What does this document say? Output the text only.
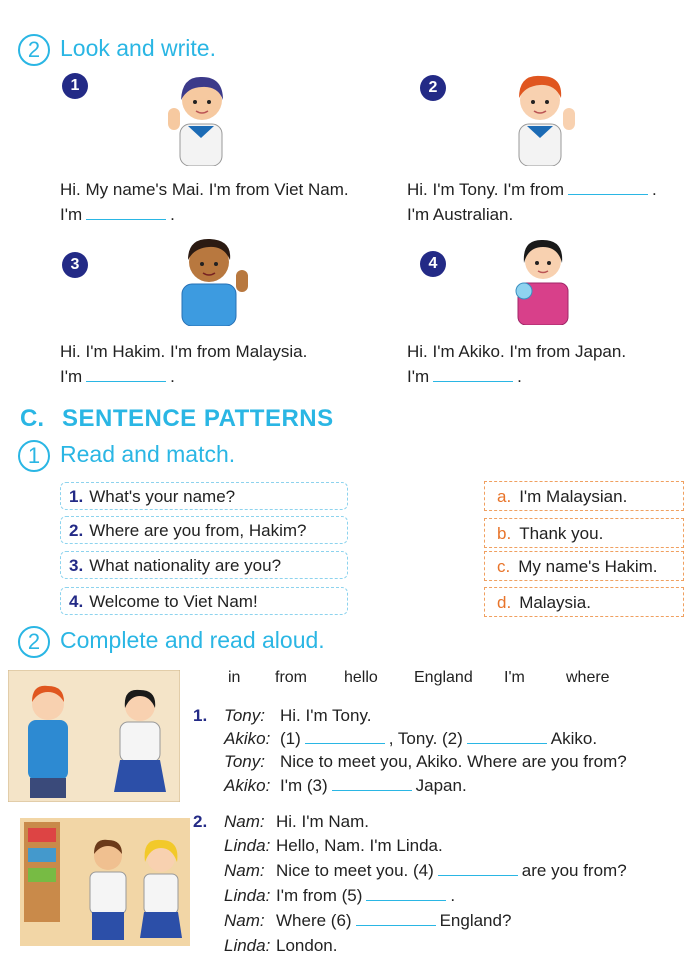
2 Look and write.
1
Hi. My name's Mai. I'm from Viet Nam.
I'm	.
2
Hi. I'm Tony. I'm from	.
I'm Australian.
3
Hi. I'm Hakim. I'm from Malaysia.
I'm	.
4
Hi. I'm Akiko. I'm from Japan.
I'm	.
C. SENTENCE PATTERNS
1 Read and match.
1. What's your name?
2. Where are you from, Hakim?
3. What nationality are you?
4. Welcome to Viet Nam!
a. I'm Malaysian.
b. Thank you.
c. My name's Hakim.
d. Malaysia.
2 Complete and read aloud.
in from hello England I'm	where
1. Tony: Hi. I'm Tony.
Akiko: (1)	, Tony. (2)	Akiko.
Tony: Nice to meet you, Akiko. Where are you from?
Akiko: I'm (3)	Japan.
2. Nam: Hi. I'm Nam.
Linda: Hello, Nam. I'm Linda.
Nam: Nice to meet you. (4)	are you from?
Linda: I'm from (5)	.
Nam: Where (6)	England?
Linda: London.
